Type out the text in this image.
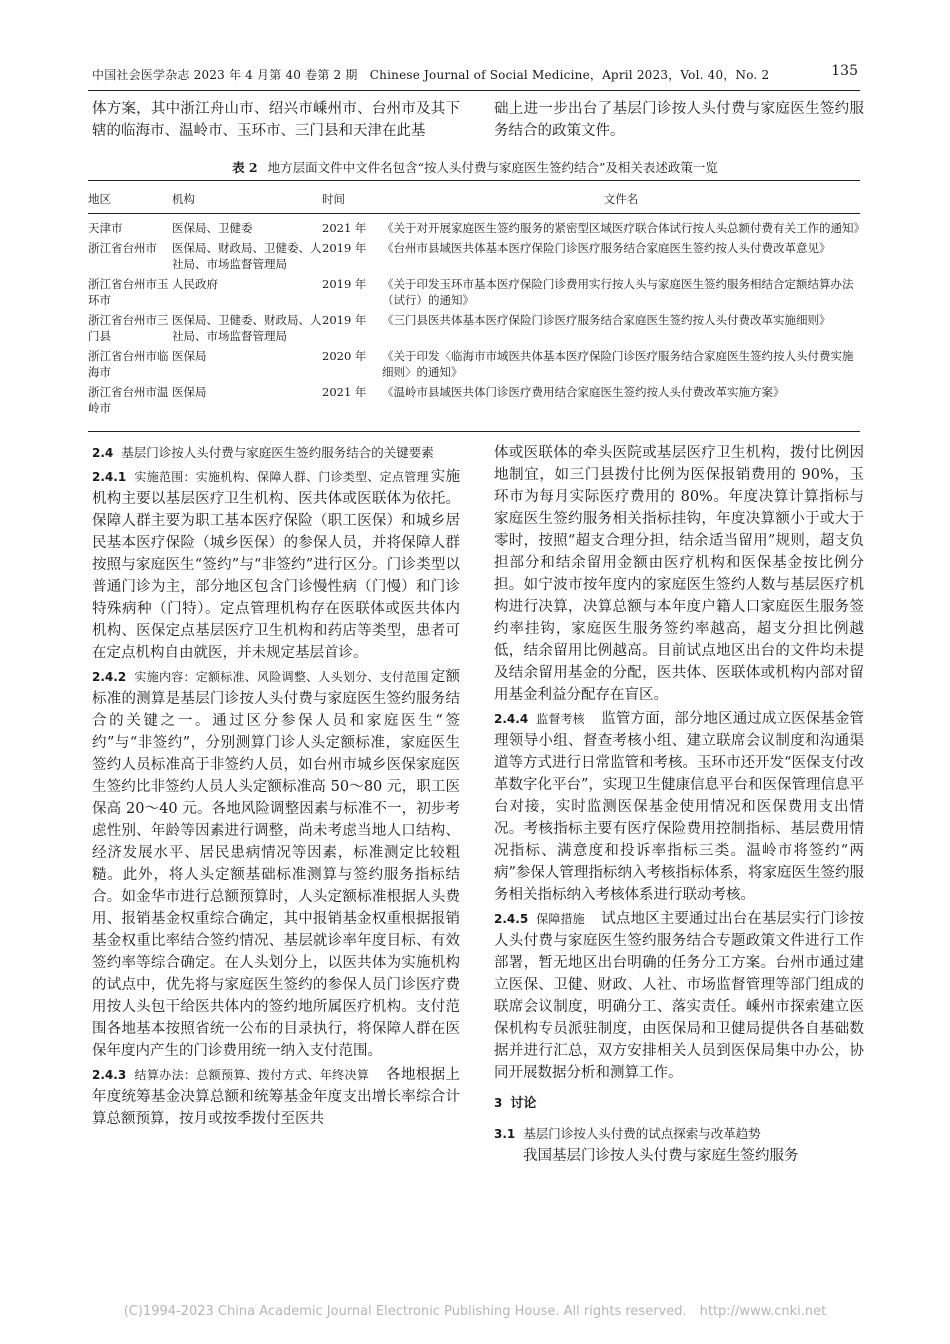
中国社会医学杂志 2023 年 4 月第 40 卷第 2 期　Chinese Journal of Social Medicine，April 2023，Vol. 40，No. 2	135

体方案，其中浙江舟山市、绍兴市嵊州市、台州市及其下辖的临海市、温岭市、玉环市、三门县和天津在此基

础上进一步出台了基层门诊按人头付费与家庭医生签约服务结合的政策文件。

表 2 地方层面文件中文件名包含“按人头付费与家庭医生签约结合”及相关表述政策一览
地区	机构	时间	文件名
天津市	医保局、卫健委	2021 年	《关于对开展家庭医生签约服务的紧密型区域医疗联合体试行按人头总额付费有关工作的通知》
浙江省台州市	医保局、财政局、卫健委、人社局、市场监督管理局	2019 年	《台州市县域医共体基本医疗保险门诊医疗服务结合家庭医生签约按人头付费改革意见》
浙江省台州市玉环市	人民政府	2019 年	《关于印发玉环市基本医疗保险门诊费用实行按人头与家庭医生签约服务相结合定额结算办法（试行）的通知》
浙江省台州市三门县	医保局、卫健委、财政局、人社局、市场监督管理局	2019 年	《三门县医共体基本医疗保险门诊医疗服务结合家庭医生签约按人头付费改革实施细则》
浙江省台州市临海市	医保局	2020 年	《关于印发〈临海市市域医共体基本医疗保险门诊医疗服务结合家庭医生签约按人头付费实施细则〉的通知》
浙江省台州市温岭市	医保局	2021 年	《温岭市县域医共体门诊医疗费用结合家庭医生签约按人头付费改革实施方案》

2.4 基层门诊按人头付费与家庭医生签约服务结合的关键要素

2.4.1 实施范围：实施机构、保障人群、门诊类型、定点管理 实施机构主要以基层医疗卫生机构、医共体或医联体为依托。保障人群主要为职工基本医疗保险（职工医保）和城乡居民基本医疗保险（城乡医保）的参保人员，并将保障人群按照与家庭医生“签约”与“非签约”进行区分。门诊类型以普通门诊为主，部分地区包含门诊慢性病（门慢）和门诊特殊病种（门特）。定点管理机构存在医联体或医共体内机构、医保定点基层医疗卫生机构和药店等类型，患者可在定点机构自由就医，并未规定基层首诊。

2.4.2 实施内容：定额标准、风险调整、人头划分、支付范围 定额标准的测算是基层门诊按人头付费与家庭医生签约服务结合的关键之一。通过区分参保人员和家庭医生“签约”与“非签约”，分别测算门诊人头定额标准，家庭医生签约人员标准高于非签约人员，如台州市城乡医保家庭医生签约比非签约人员人头定额标准高 50～80 元，职工医保高 20～40 元。各地风险调整因素与标准不一，初步考虑性别、年龄等因素进行调整，尚未考虑当地人口结构、经济发展水平、居民患病情况等因素，标准测定比较粗糙。此外，将人头定额基础标准测算与签约服务指标结合。如金华市进行总额预算时，人头定额标准根据人头费用、报销基金权重综合确定，其中报销基金权重根据报销基金权重比率结合签约情况、基层就诊率年度目标、有效签约率等综合确定。在人头划分上，以医共体为实施机构的试点中，优先将与家庭医生签约的参保人员门诊医疗费用按人头包干给医共体内的签约地所属医疗机构。支付范围各地基本按照省统一公布的目录执行，将保障人群在医保年度内产生的门诊费用统一纳入支付范围。

2.4.3 结算办法：总额预算、拨付方式、年终决算　 各地根据上年度统筹基金决算总额和统筹基金年度支出增长率综合计算总额预算，按月或按季拨付至医共

体或医联体的牵头医院或基层医疗卫生机构，拨付比例因地制宜，如三门县拨付比例为医保报销费用的 90%，玉环市为每月实际医疗费用的 80%。年度决算计算指标与家庭医生签约服务相关指标挂钩，年度决算额小于或大于零时，按照“超支合理分担，结余适当留用”规则，超支负担部分和结余留用金额由医疗机构和医保基金按比例分担。如宁波市按年度内的家庭医生签约人数与基层医疗机构进行决算，决算总额与本年度户籍人口家庭医生服务签约率挂钩，家庭医生服务签约率越高，超支分担比例越低，结余留用比例越高。目前试点地区出台的文件均未提及结余留用基金的分配，医共体、医联体或机构内部对留用基金利益分配存在盲区。

2.4.4 监督考核　 监管方面，部分地区通过成立医保基金管理领导小组、督查考核小组、建立联席会议制度和沟通渠道等方式进行日常监管和考核。玉环市还开发“医保支付改革数字化平台”，实现卫生健康信息平台和医保管理信息平台对接，实时监测医保基金使用情况和医保费用支出情况。考核指标主要有医疗保险费用控制指标、基层费用情况指标、满意度和投诉率指标三类。温岭市将签约“两病”参保人管理指标纳入考核指标体系，将家庭医生签约服务相关指标纳入考核体系进行联动考核。

2.4.5 保障措施　 试点地区主要通过出台在基层实行门诊按人头付费与家庭医生签约服务结合专题政策文件进行工作部署，暂无地区出台明确的任务分工方案。台州市通过建立医保、卫健、财政、人社、市场监督管理等部门组成的联席会议制度，明确分工、落实责任。嵊州市探索建立医保机构专员派驻制度，由医保局和卫健局提供各自基础数据并进行汇总，双方安排相关人员到医保局集中办公，协同开展数据分析和测算工作。

3 讨论

3.1 基层门诊按人头付费的试点探索与改革趋势

我国基层门诊按人头付费与家庭生签约服务

(C)1994-2023 China Academic Journal Electronic Publishing House. All rights reserved.　http://www.cnki.net
